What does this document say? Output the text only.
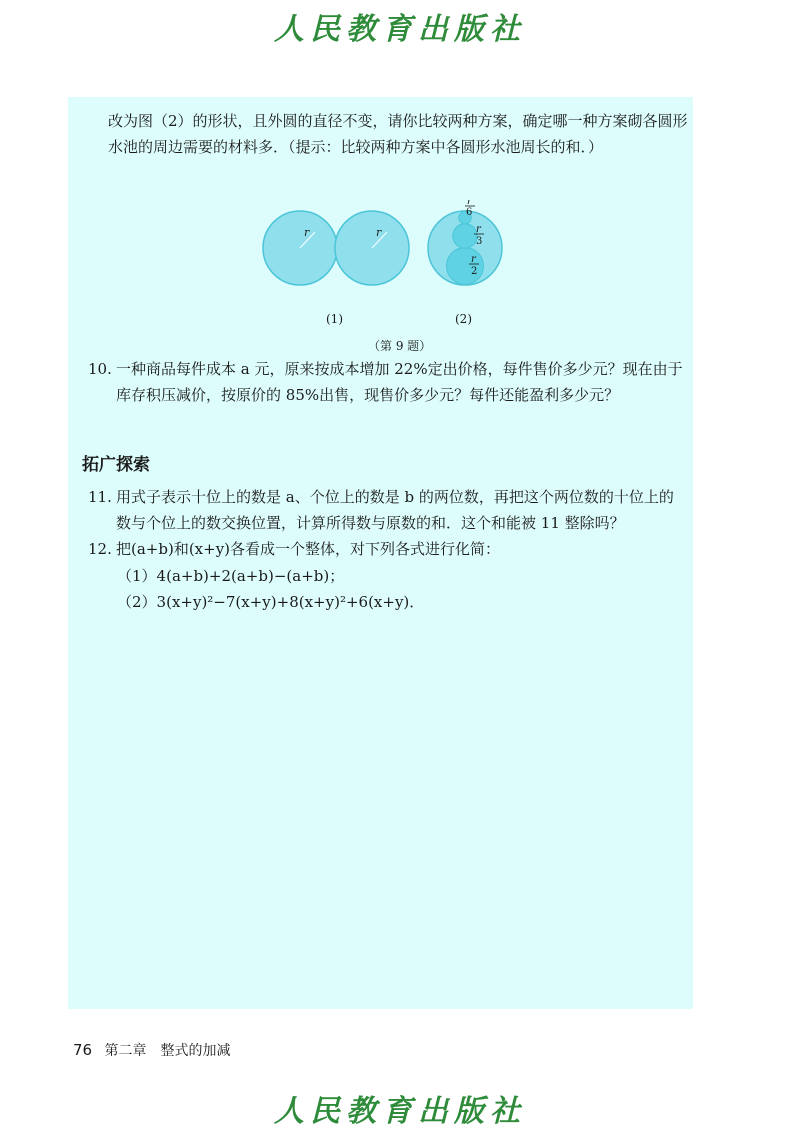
人民教育出版社
改为图（2）的形状，且外圆的直径不变，请你比较两种方案，确定哪一种方案砌各圆形水池的周边需要的材料多．（提示：比较两种方案中各圆形水池周长的和．）
r	r
r
6
r
3
r
2
(1)	(2)
（第 9 题）
10. 一种商品每件成本 a 元，原来按成本增加 22%定出价格，每件售价多少元？现在由于库存积压减价，按原价的 85%出售，现售价多少元？每件还能盈利多少元？
拓广探索
11. 用式子表示十位上的数是 a、个位上的数是 b 的两位数，再把这个两位数的十位上的数与个位上的数交换位置，计算所得数与原数的和．这个和能被 11 整除吗？
12. 把(a+b)和(x+y)各看成一个整体，对下列各式进行化简：
（1）4(a+b)+2(a+b)−(a+b)；
（2）3(x+y)²−7(x+y)+8(x+y)²+6(x+y)．
76 第二章　整式的加减
人民教育出版社
